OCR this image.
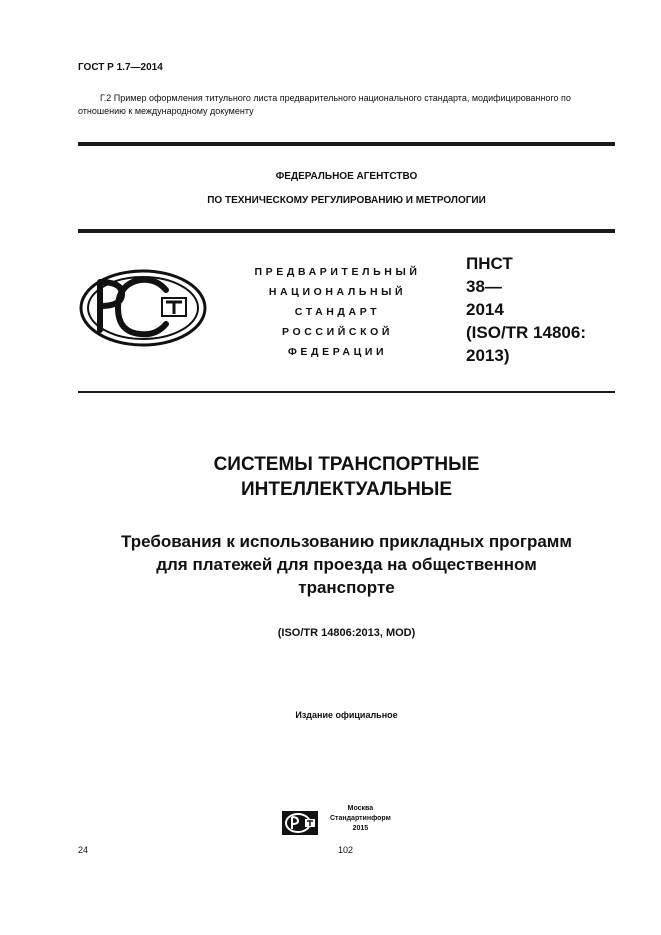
ГОСТ Р 1.7—2014
Г.2 Пример оформления титульного листа предварительного национального стандарта, модифицированного по отношению к международному документу
ФЕДЕРАЛЬНОЕ АГЕНТСТВО
ПО ТЕХНИЧЕСКОМУ РЕГУЛИРОВАНИЮ И МЕТРОЛОГИИ
ПРЕДВАРИТЕЛЬНЫЙ
НАЦИОНАЛЬНЫЙ
СТАНДАРТ
РОССИЙСКОЙ
ФЕДЕРАЦИИ
ПНСТ
38—
2014
(ISO/TR 14806:
2013)
СИСТЕМЫ ТРАНСПОРТНЫЕ
ИНТЕЛЛЕКТУАЛЬНЫЕ
Требования к использованию прикладных программ
для платежей для проезда на общественном
транспорте
(ISO/TR 14806:2013, MOD)
Издание официальное
Москва
Стандартинформ
2015
24	102
